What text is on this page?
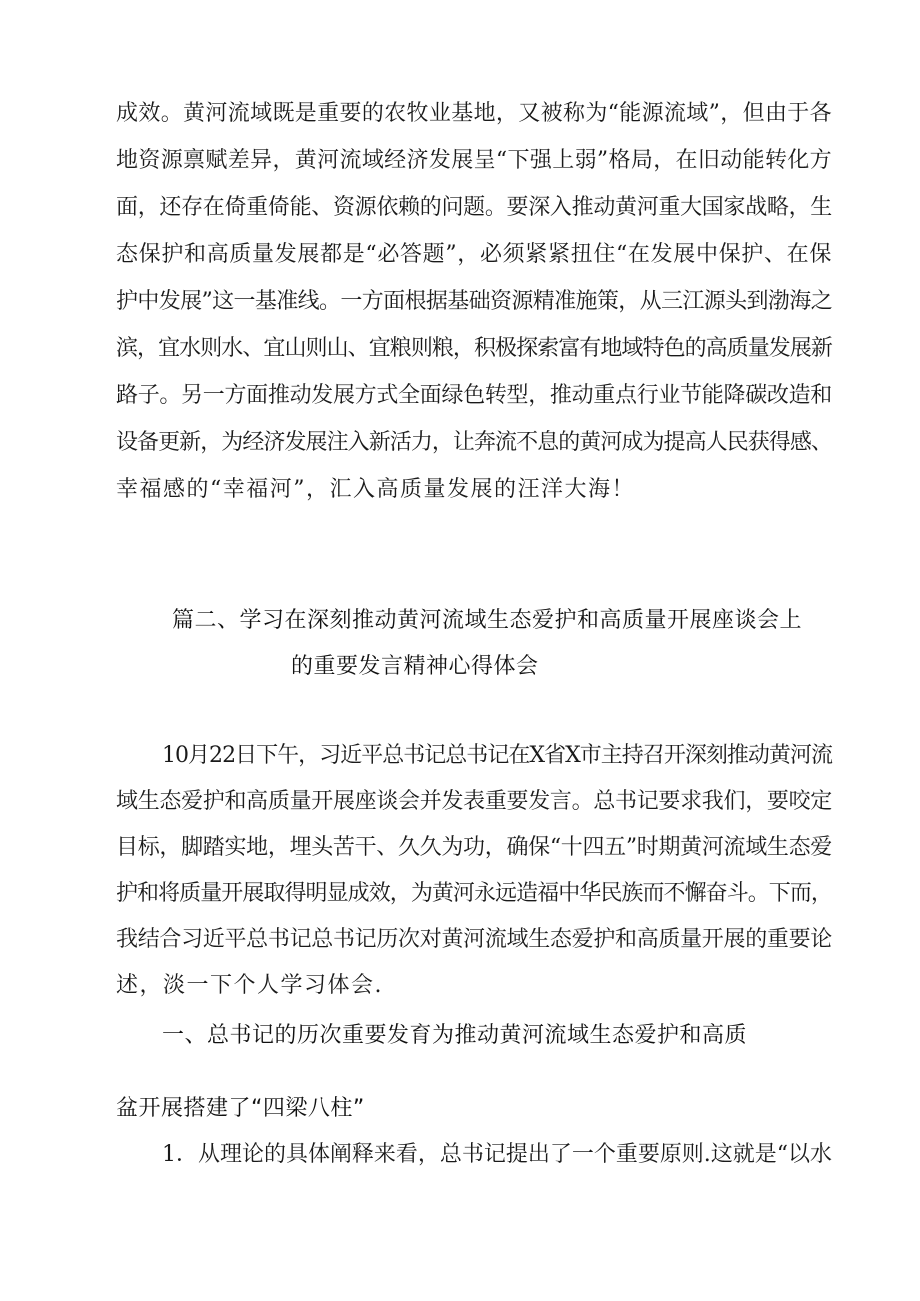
成效。黄河流域既是重要的农牧业基地，又被称为“能源流域”，但由于各
地资源禀赋差异，黄河流域经济发展呈“下强上弱”格局，在旧动能转化方
面，还存在倚重倚能、资源依赖的问题。要深入推动黄河重大国家战略，生
态保护和高质量发展都是“必答题”，必须紧紧扭住“在发展中保护、在保
护中发展”这一基准线。一方面根据基础资源精准施策，从三江源头到渤海之
滨，宜水则水、宜山则山、宜粮则粮，积极探索富有地域特色的高质量发展新
路子。另一方面推动发展方式全面绿色转型，推动重点行业节能降碳改造和
设备更新，为经济发展注入新活力，让奔流不息的黄河成为提高人民获得感、
幸福感的“幸福河”，汇入高质量发展的汪洋大海！
篇二、学习在深刻推动黄河流域生态爱护和高质量开展座谈会上
的重要发言精神心得体会
10月22日下午，习近平总书记总书记在X省X市主持召开深刻推动黄河流
域生态爱护和高质量开展座谈会并发表重要发言。总书记要求我们，要咬定
目标，脚踏实地，埋头苦干、久久为功，确保“十四五”时期黄河流域生态爱
护和将质量开展取得明显成效，为黄河永远造福中华民族而不懈奋斗。下而，
我结合习近平总书记总书记历次对黄河流域生态爱护和高质量开展的重要论
述，淡一下个人学习体会.
一、总书记的历次重要发育为推动黄河流域生态爱护和高质
盆开展搭建了“四梁八柱”
1．从理论的具体阐释来看，总书记提出了一个重要原则.这就是“以水
